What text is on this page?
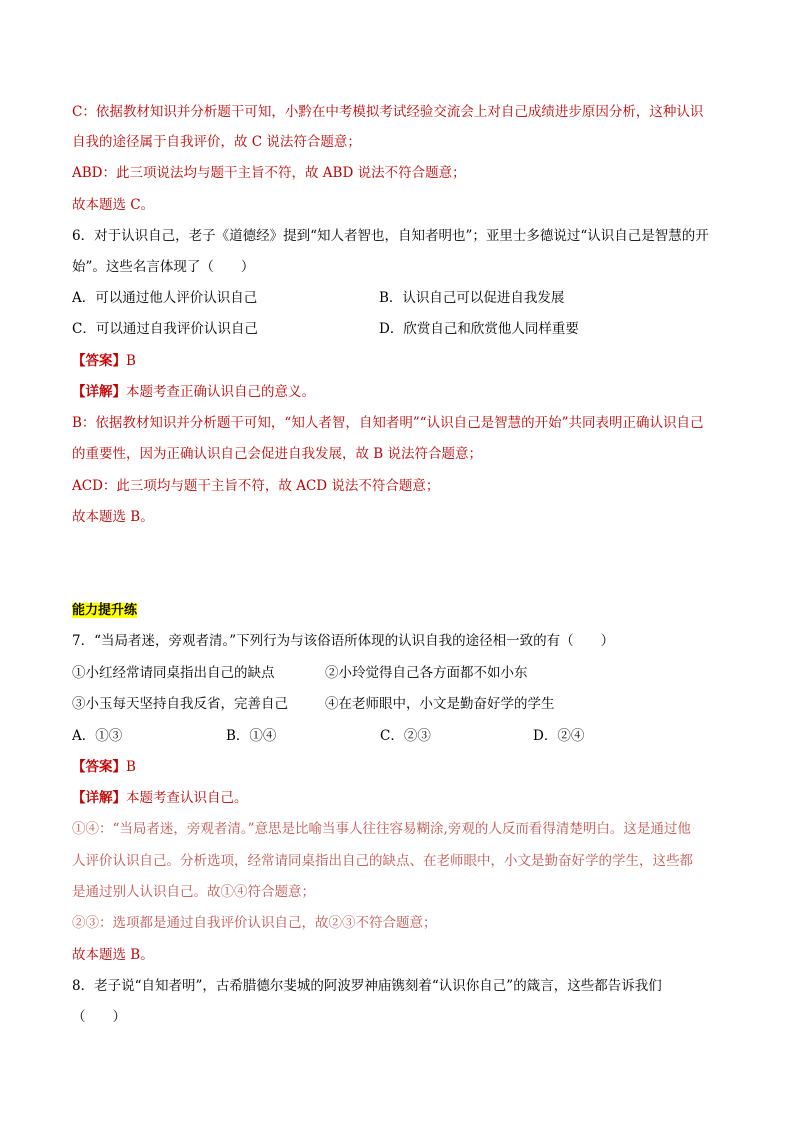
C：依据教材知识并分析题干可知，小黔在中考模拟考试经验交流会上对自己成绩进步原因分析，这种认识
自我的途径属于自我评价，故 C 说法符合题意；
ABD：此三项说法均与题干主旨不符，故 ABD 说法不符合题意；
故本题选 C。
6．对于认识自己，老子《道德经》提到“知人者智也，自知者明也”；亚里士多德说过“认识自己是智慧的开
始”。这些名言体现了（　　）
A．可以通过他人评价认识自己	B．认识自己可以促进自我发展
C．可以通过自我评价认识自己	D．欣赏自己和欣赏他人同样重要
【答案】B
【详解】本题考查正确认识自己的意义。
B：依据教材知识并分析题干可知，“知人者智，自知者明”“认识自己是智慧的开始”共同表明正确认识自己
的重要性，因为正确认识自己会促进自我发展，故 B 说法符合题意；
ACD：此三项均与题干主旨不符，故 ACD 说法不符合题意；
故本题选 B。
能力提升练
7．“当局者迷，旁观者清。”下列行为与该俗语所体现的认识自我的途径相一致的有（　　）
①小红经常请同桌指出自己的缺点	②小玲觉得自己各方面都不如小东
③小玉每天坚持自我反省，完善自己	④在老师眼中，小文是勤奋好学的学生
A．①③	B．①④	C．②③	D．②④
【答案】B
【详解】本题考查认识自己。
①④：“当局者迷，旁观者清。”意思是比喻当事人往往容易糊涂,旁观的人反而看得清楚明白。这是通过他
人评价认识自己。分析选项，经常请同桌指出自己的缺点、在老师眼中，小文是勤奋好学的学生，这些都
是通过别人认识自己。故①④符合题意；
②③：选项都是通过自我评价认识自己，故②③不符合题意；
故本题选 B。
8．老子说“自知者明”，古希腊德尔斐城的阿波罗神庙镌刻着“认识你自己”的箴言，这些都告诉我们
（　　）
